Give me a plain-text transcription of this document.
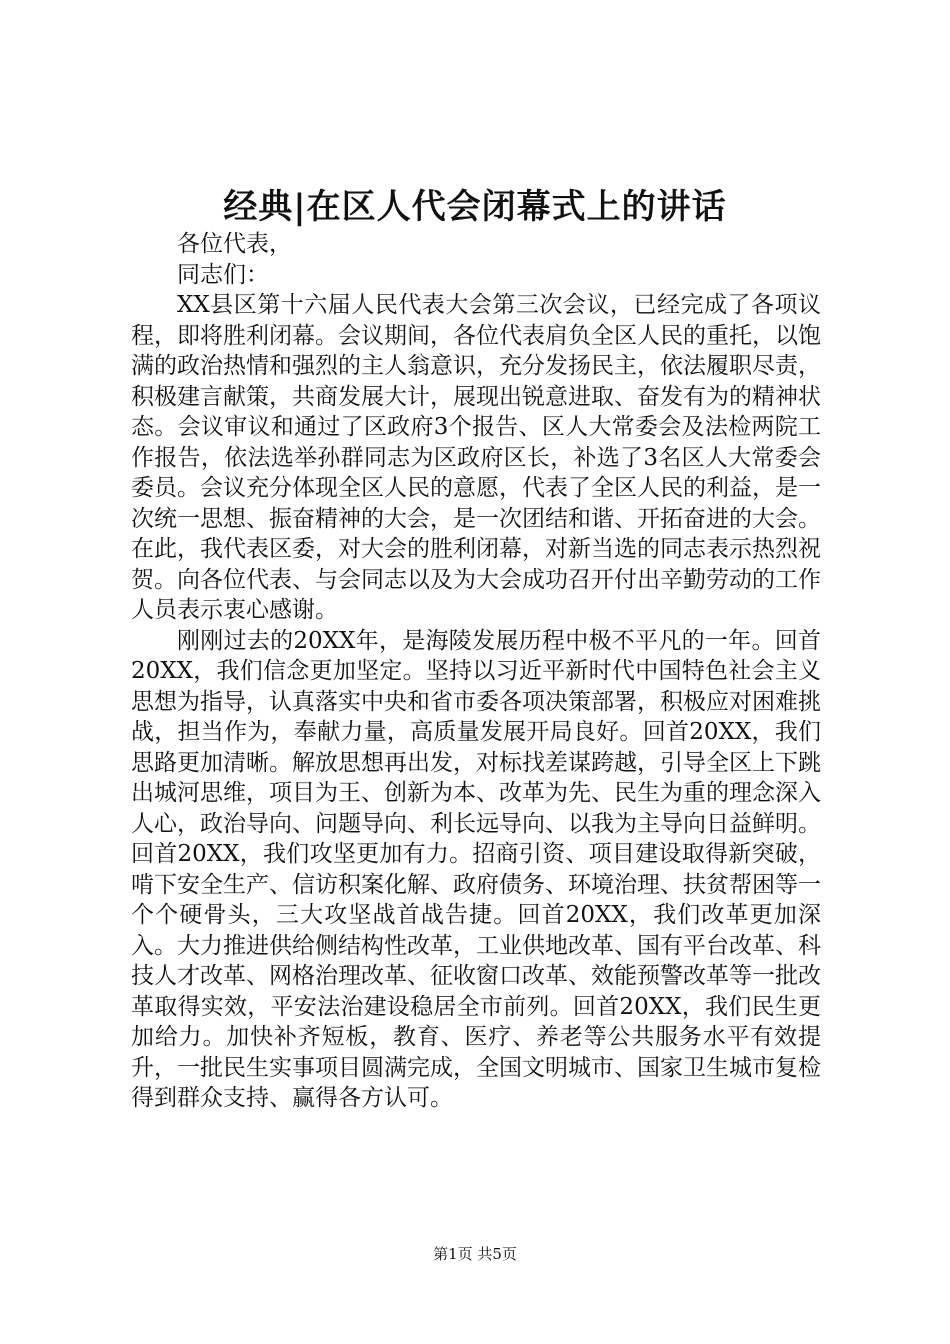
经典|在区人代会闭幕式上的讲话

各位代表，

同志们：

XX县区第十六届人民代表大会第三次会议，已经完成了各项议程，即将胜利闭幕。会议期间，各位代表肩负全区人民的重托，以饱满的政治热情和强烈的主人翁意识，充分发扬民主，依法履职尽责，积极建言献策，共商发展大计，展现出锐意进取、奋发有为的精神状态。会议审议和通过了区政府3个报告、区人大常委会及法检两院工作报告，依法选举孙群同志为区政府区长，补选了3名区人大常委会委员。会议充分体现全区人民的意愿，代表了全区人民的利益，是一次统一思想、振奋精神的大会，是一次团结和谐、开拓奋进的大会。在此，我代表区委，对大会的胜利闭幕，对新当选的同志表示热烈祝贺。向各位代表、与会同志以及为大会成功召开付出辛勤劳动的工作人员表示衷心感谢。

刚刚过去的20XX年，是海陵发展历程中极不平凡的一年。回首20XX，我们信念更加坚定。坚持以习近平新时代中国特色社会主义思想为指导，认真落实中央和省市委各项决策部署，积极应对困难挑战，担当作为，奉献力量，高质量发展开局良好。回首20XX，我们思路更加清晰。解放思想再出发，对标找差谋跨越，引导全区上下跳出城河思维，项目为王、创新为本、改革为先、民生为重的理念深入人心，政治导向、问题导向、利长远导向、以我为主导向日益鲜明。回首20XX，我们攻坚更加有力。招商引资、项目建设取得新突破，啃下安全生产、信访积案化解、政府债务、环境治理、扶贫帮困等一个个硬骨头，三大攻坚战首战告捷。回首20XX，我们改革更加深入。大力推进供给侧结构性改革，工业供地改革、国有平台改革、科技人才改革、网格治理改革、征收窗口改革、效能预警改革等一批改革取得实效，平安法治建设稳居全市前列。回首20XX，我们民生更加给力。加快补齐短板，教育、医疗、养老等公共服务水平有效提升，一批民生实事项目圆满完成，全国文明城市、国家卫生城市复检得到群众支持、赢得各方认可。

第1页 共5页
